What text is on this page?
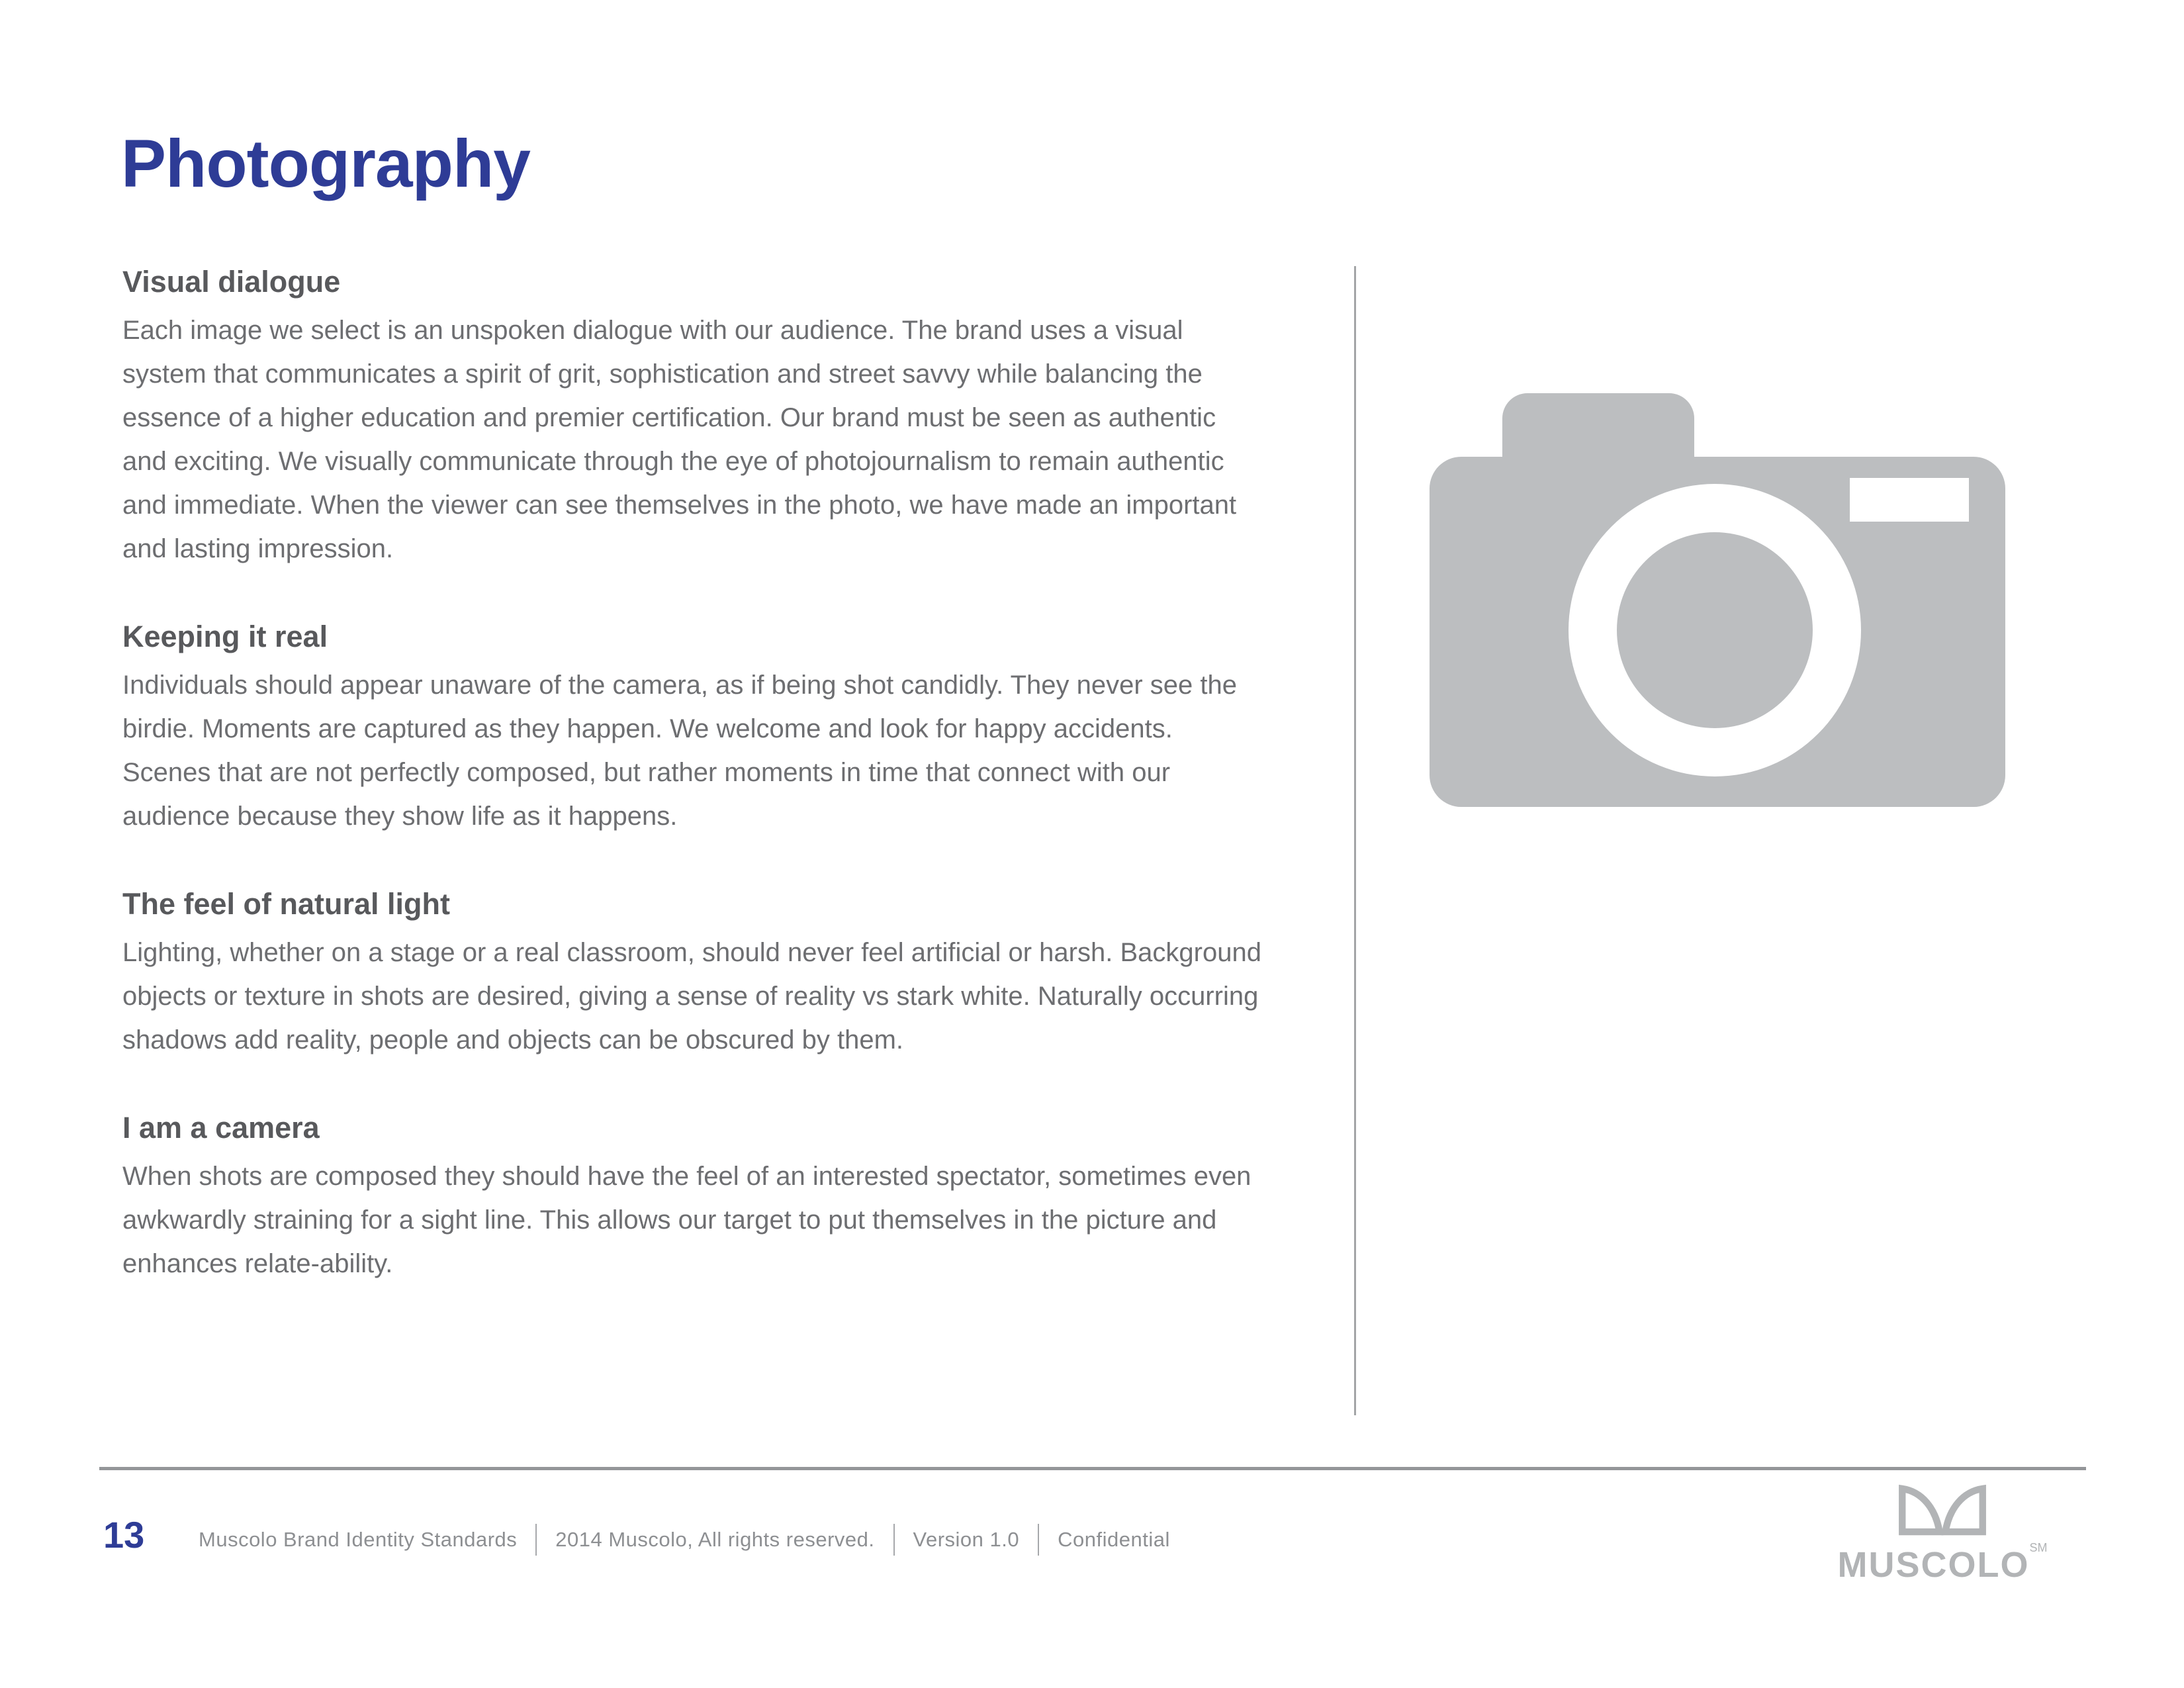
Photography
Visual dialogue

Each image we select is an unspoken dialogue with our audience. The brand uses a visual system that communicates a spirit of grit, sophistication and street savvy while balancing the essence of a higher education and premier certification. Our brand must be seen as authentic and exciting. We visually communicate through the eye of photojournalism to remain authentic and immediate. When the viewer can see themselves in the photo, we have made an important and lasting impression.

Keeping it real

Individuals should appear unaware of the camera, as if being shot candidly. They never see the birdie. Moments are captured as they happen. We welcome and look for happy accidents. Scenes that are not perfectly composed, but rather moments in time that connect with our audience because they show life as it happens.

The feel of natural light

Lighting, whether on a stage or a real classroom, should never feel artificial or harsh. Background objects or texture in shots are desired, giving a sense of reality vs stark white. Naturally occurring shadows add reality, people and objects can be obscured by them.

I am a camera

When shots are composed they should have the feel of an interested spectator, sometimes even awkwardly straining for a sight line. This allows our target to put themselves in the picture and enhances relate-ability.

13	Muscolo Brand Identity Standards 2014 Muscolo, All rights reserved. Version 1.0 Confidential
MUSCOLO℠
